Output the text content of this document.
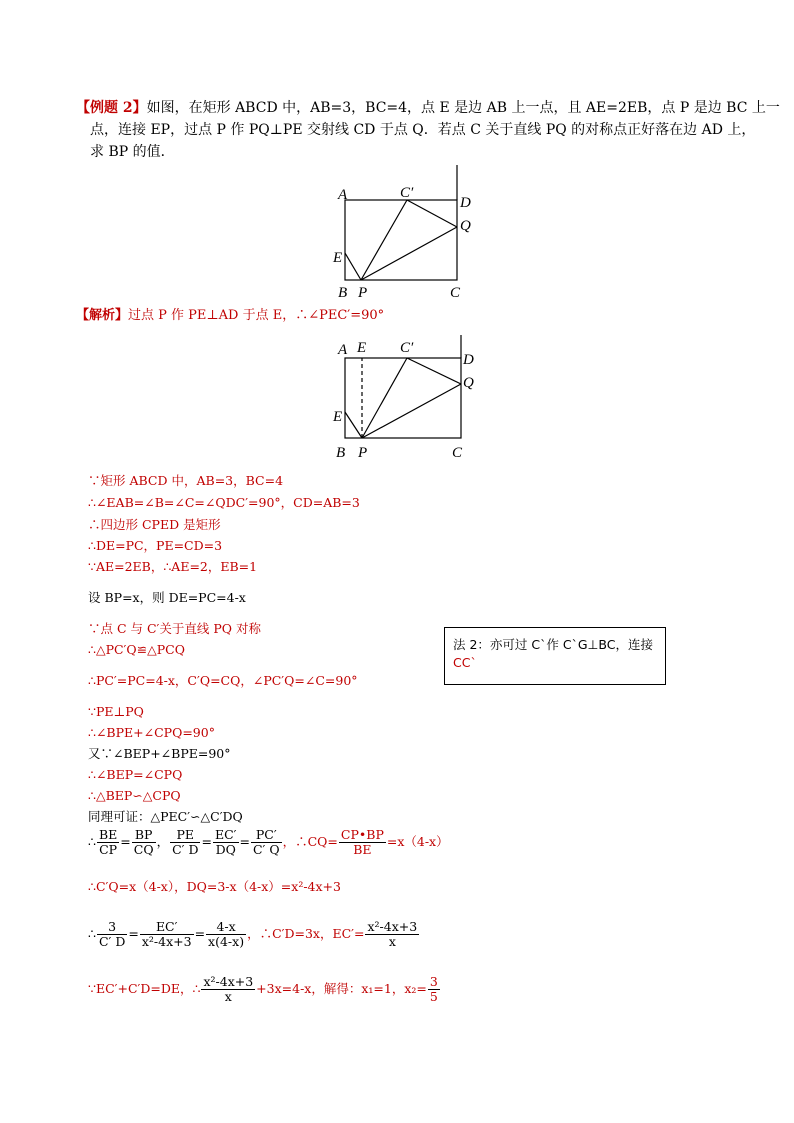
【例题 2】如图，在矩形 ABCD 中，AB=3，BC=4，点 E 是边 AB 上一点，且 AE=2EB，点 P 是边 BC 上一
点，连接 EP，过点 P 作 PQ⊥PE 交射线 CD 于点 Q．若点 C 关于直线 PQ 的对称点正好落在边 AD 上，
求 BP 的值．
A	C′
D
Q
E
B P	C
【解析】过点 P 作 PE⊥AD 于点 E，∴∠PEC′=90°
A E C′
D
Q
E
B P	C
∵矩形 ABCD 中，AB=3，BC=4
∴∠EAB=∠B=∠C=∠QDC′=90°，CD=AB=3
∴四边形 CPED 是矩形
∴DE=PC，PE=CD=3
∵AE=2EB，∴AE=2，EB=1
设 BP=x，则 DE=PC=4-x
∵点 C 与 C′关于直线 PQ 对称
∴△PC′Q≌△PCQ
∴PC′=PC=4-x，C′Q=CQ，∠PC′Q=∠C=90°
∵PE⊥PQ
∴∠BPE+∠CPQ=90°
又∵∠BEP+∠BPE=90°
∴∠BEP=∠CPQ
∴△BEP∽△CPQ
同理可证：△PEC′∽△C′DQ
∴ $\frac{BE}{CP} = \frac{BP}{CQ}$ ， $\frac{PE}{C' D} = \frac{EC'}{DQ} = \frac{PC'}{C' Q}$ ，∴CQ= $\frac{CP•BP}{BE} =x(4-x)$
∴C′Q=x（4-x），DQ=3-x（4-x）=x²-4x+3
∴ $\frac{3}{C' D} = \frac{EC'}{\text{x²-4x+3}} = \frac{4-x}{x(4-x)}$ ，∴C′D=3x，$EC'= \frac{\text{x²-4x+3}}{x}$
∵EC′+C′D=DE，∴ $\frac{\text{x²-4x+3}}{x} +3x=4-x$，解得：x₁=1，$x_2= \frac{3}{5}$
法 2：亦可过 C`作 C`G⊥BC，连接
CC`
